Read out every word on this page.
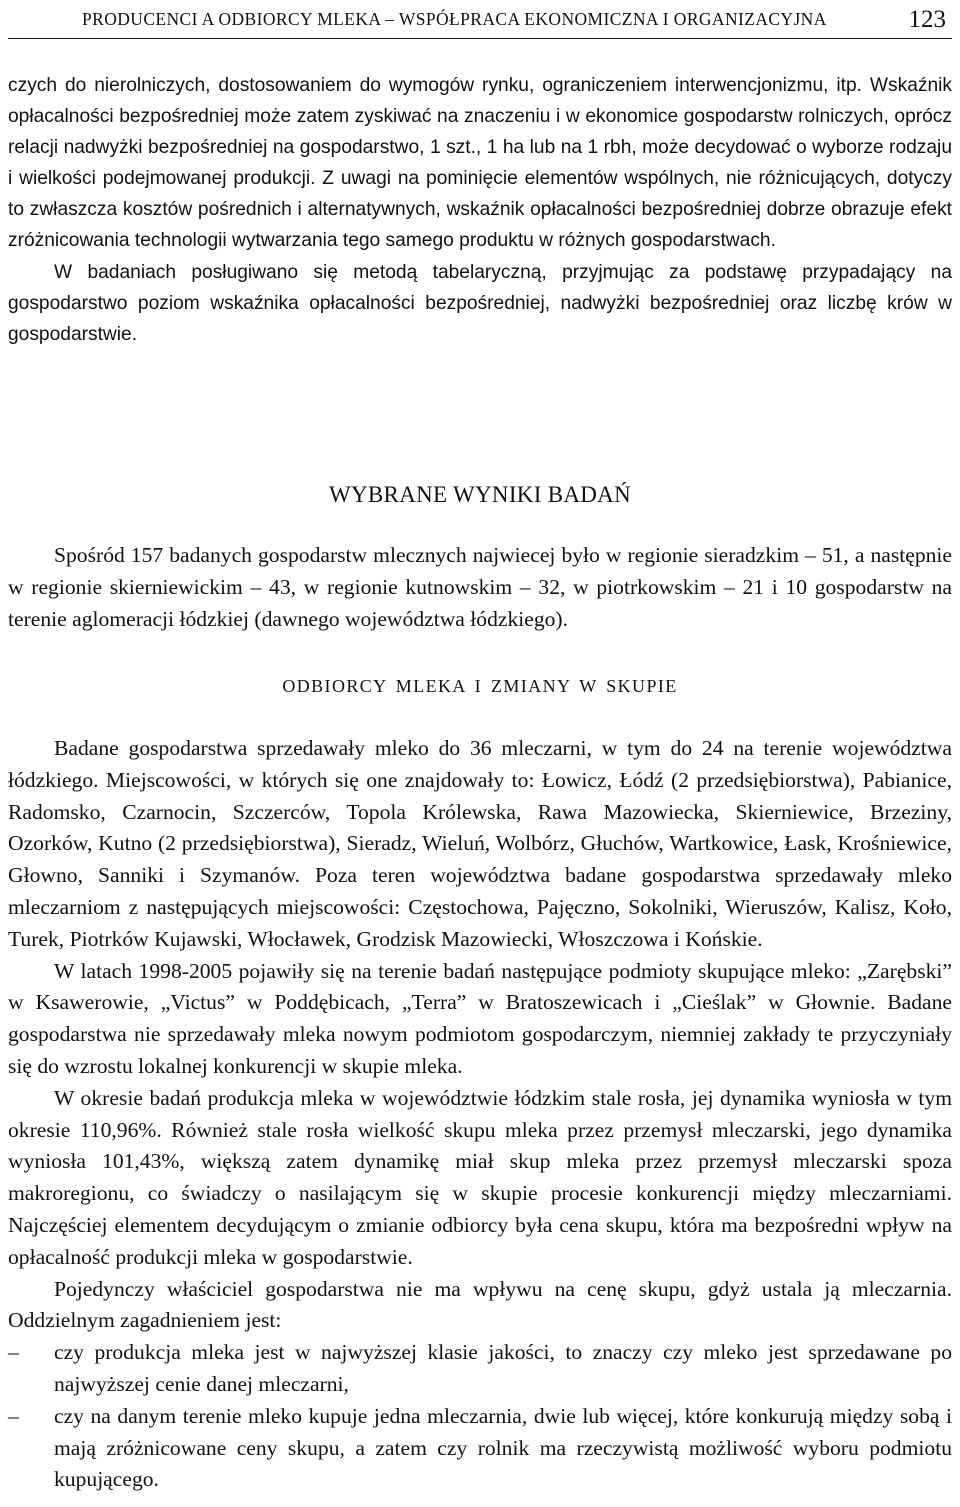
PRODUCENCI A ODBIORCY MLEKA – WSPÓŁPRACA EKONOMICZNA I ORGANIZACYJNA	123

czych do nierolniczych, dostosowaniem do wymogów rynku, ograniczeniem interwencjonizmu, itp. Wskaźnik opłacalności bezpośredniej może zatem zyskiwać na znaczeniu i w ekonomice gospodarstw rolniczych, oprócz relacji nadwyżki bezpośredniej na gospodarstwo, 1 szt., 1 ha lub na 1 rbh, może decydować o wyborze rodzaju i wielkości podejmowanej produkcji. Z uwagi na pominięcie elementów wspólnych, nie różnicujących, dotyczy to zwłaszcza kosztów pośrednich i alternatywnych, wskaźnik opłacalności bezpośredniej dobrze obrazuje efekt zróżnicowania technologii wytwarzania tego samego produktu w różnych gospodarstwach.

W badaniach posługiwano się metodą tabelaryczną, przyjmując za podstawę przypadający na gospodarstwo poziom wskaźnika opłacalności bezpośredniej, nadwyżki bezpośredniej oraz liczbę krów w gospodarstwie.

WYBRANE WYNIKI BADAŃ

Spośród 157 badanych gospodarstw mlecznych najwiecej było w regionie sieradzkim – 51, a następnie w regionie skierniewickim – 43, w regionie kutnowskim – 32, w piotrkowskim – 21 i 10 gospodarstw na terenie aglomeracji łódzkiej (dawnego województwa łódzkiego).

ODBIORCY MLEKA I ZMIANY W SKUPIE

Badane gospodarstwa sprzedawały mleko do 36 mleczarni, w tym do 24 na terenie województwa łódzkiego. Miejscowości, w których się one znajdowały to: Łowicz, Łódź (2 przedsiębiorstwa), Pabianice, Radomsko, Czarnocin, Szczerców, Topola Królewska, Rawa Mazowiecka, Skierniewice, Brzeziny, Ozorków, Kutno (2 przedsiębiorstwa), Sieradz, Wieluń, Wolbórz, Głuchów, Wartkowice, Łask, Krośniewice, Głowno, Sanniki i Szymanów. Poza teren województwa badane gospodarstwa sprzedawały mleko mleczarniom z następujących miejscowości: Częstochowa, Pajęczno, Sokolniki, Wieruszów, Kalisz, Koło, Turek, Piotrków Kujawski, Włocławek, Grodzisk Mazowiecki, Włoszczowa i Końskie.

W latach 1998-2005 pojawiły się na terenie badań następujące podmioty skupujące mleko: „Zarębski” w Ksawerowie, „Victus” w Poddębicach, „Terra” w Bratoszewicach i „Cieślak” w Głownie. Badane gospodarstwa nie sprzedawały mleka nowym podmiotom gospodarczym, niemniej zakłady te przyczyniały się do wzrostu lokalnej konkurencji w skupie mleka.

W okresie badań produkcja mleka w województwie łódzkim stale rosła, jej dynamika wyniosła w tym okresie 110,96%. Również stale rosła wielkość skupu mleka przez przemysł mleczarski, jego dynamika wyniosła 101,43%, większą zatem dynamikę miał skup mleka przez przemysł mleczarski spoza makroregionu, co świadczy o nasilającym się w skupie procesie konkurencji między mleczarniami. Najczęściej elementem decydującym o zmianie odbiorcy była cena skupu, która ma bezpośredni wpływ na opłacalność produkcji mleka w gospodarstwie.

Pojedynczy właściciel gospodarstwa nie ma wpływu na cenę skupu, gdyż ustala ją mleczarnia. Oddzielnym zagadnieniem jest:

– czy produkcja mleka jest w najwyższej klasie jakości, to znaczy czy mleko jest sprzedawane po najwyższej cenie danej mleczarni,

– czy na danym terenie mleko kupuje jedna mleczarnia, dwie lub więcej, które konkurują między sobą i mają zróżnicowane ceny skupu, a zatem czy rolnik ma rzeczywistą możliwość wyboru podmiotu kupującego.
